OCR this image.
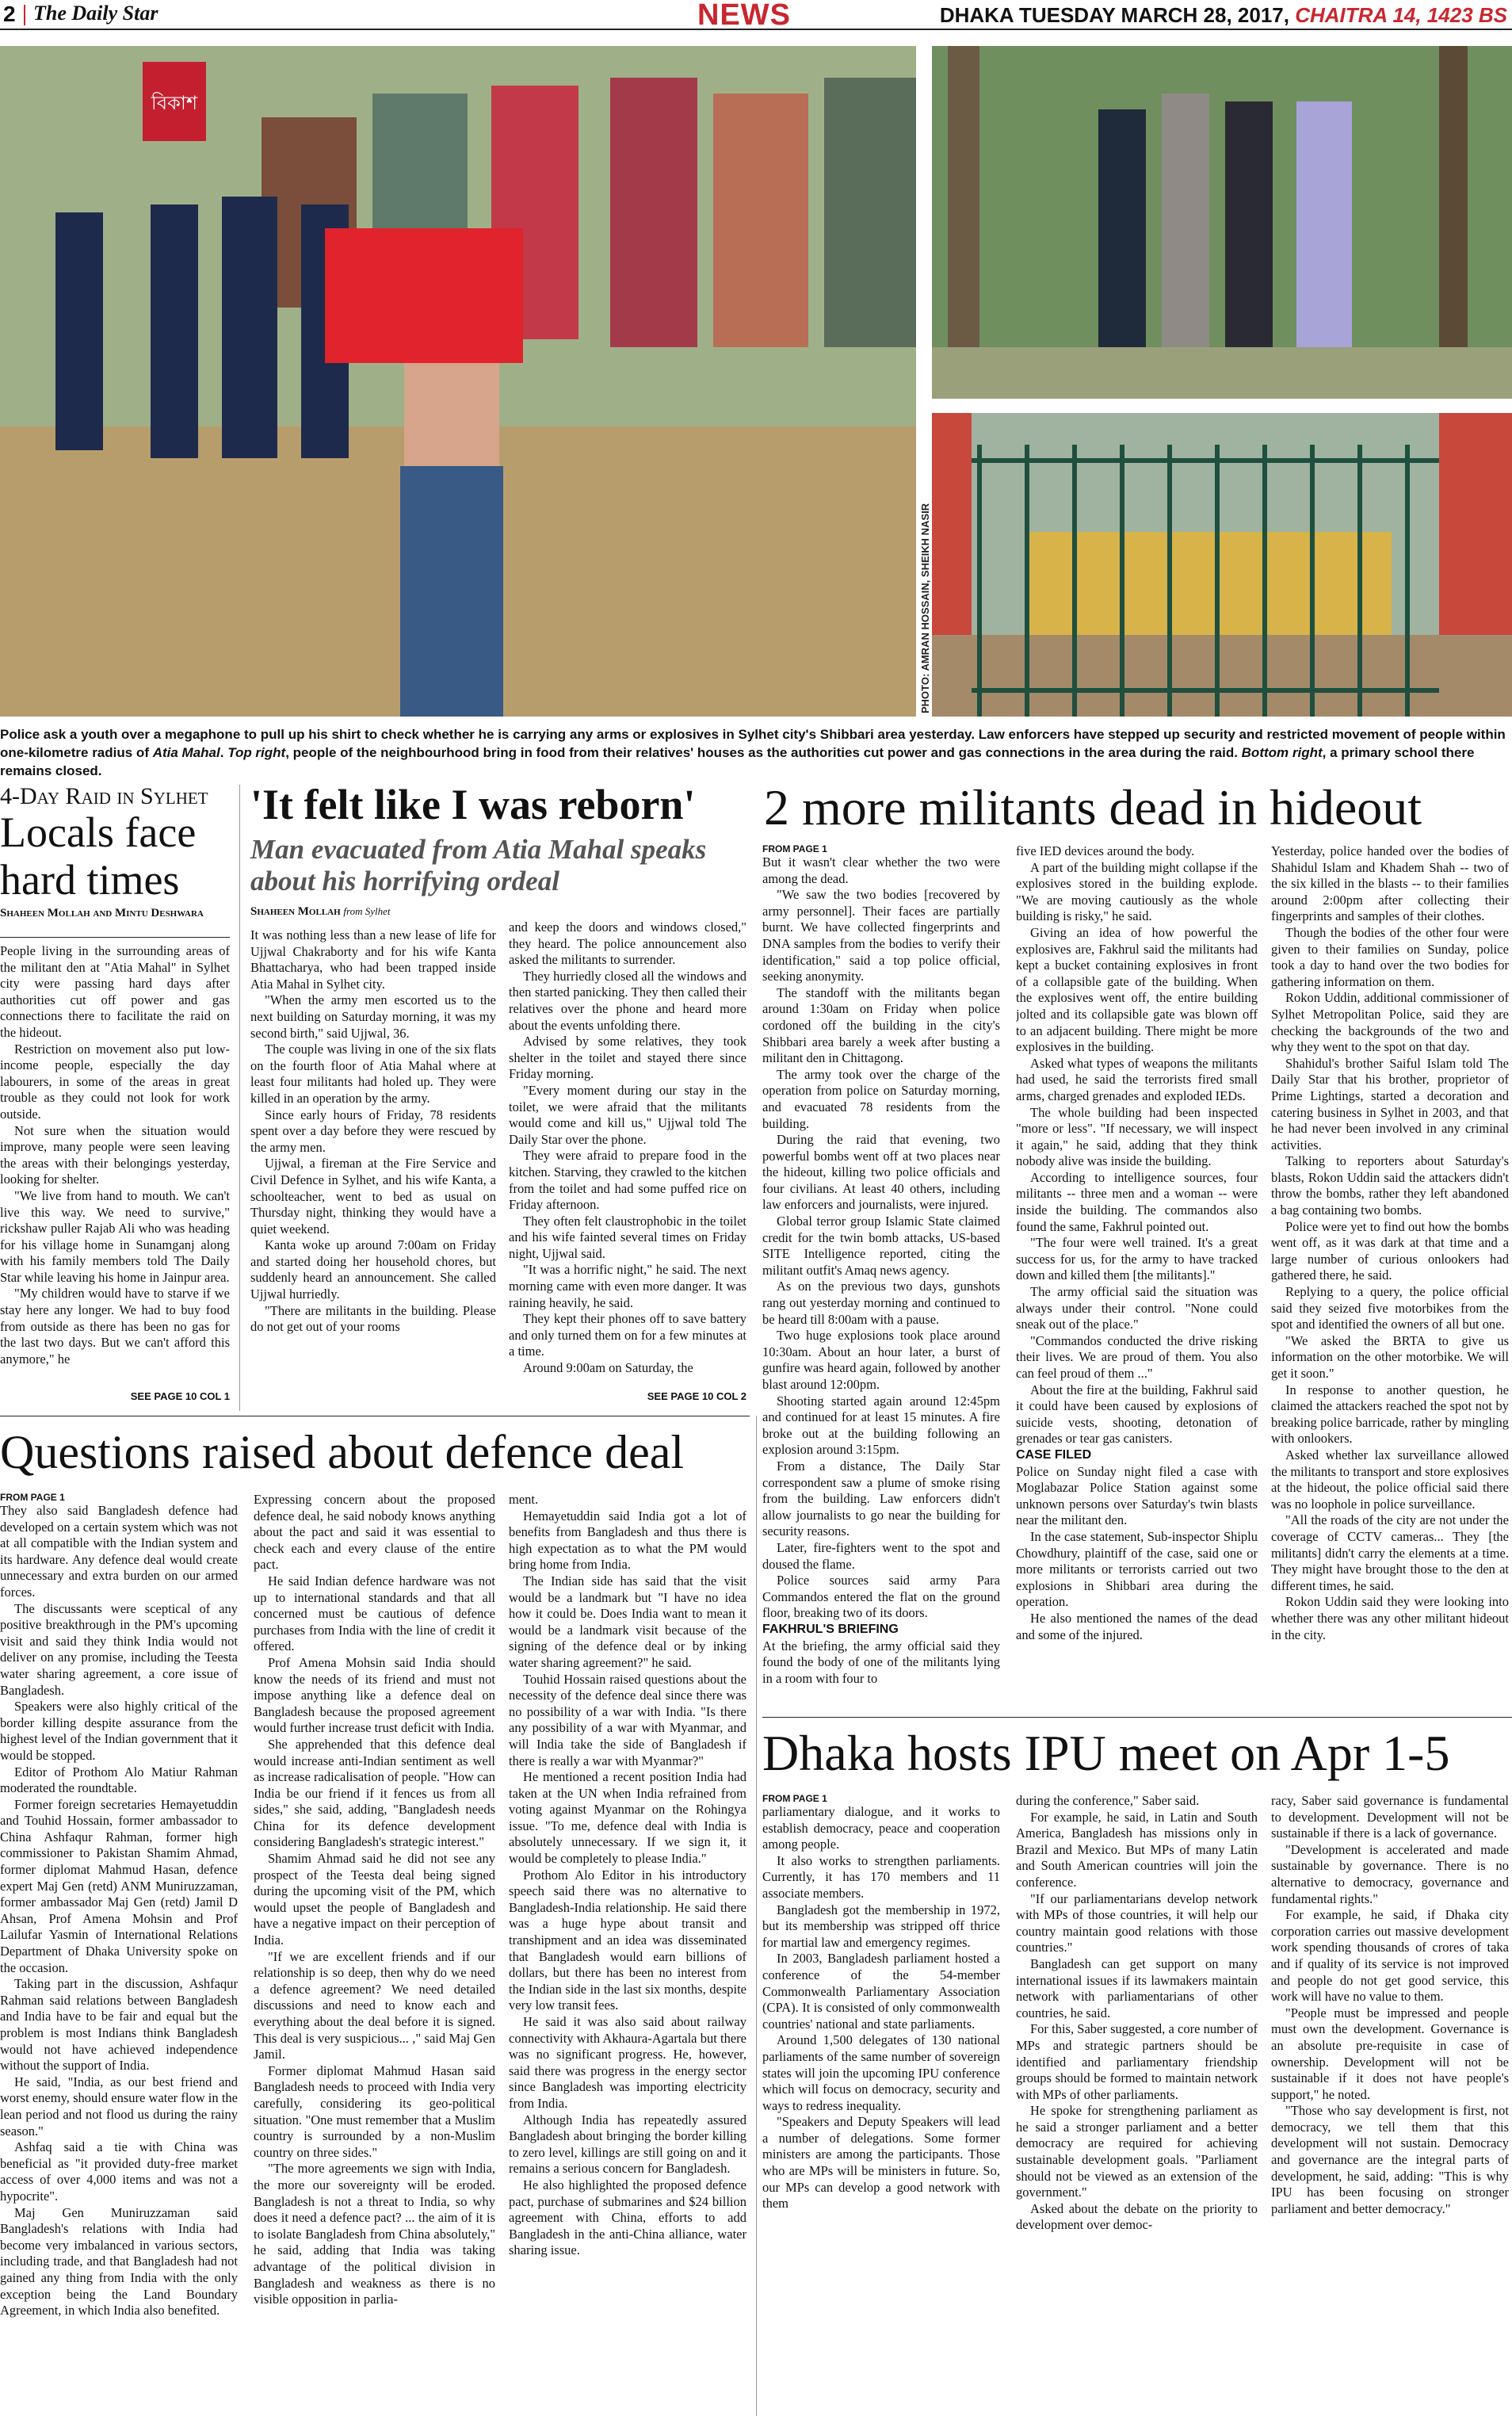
2 The Daily Star	NEWS	DHAKA TUESDAY MARCH 28, 2017, CHAITRA 14, 1423 BS
বিকাশ
PHOTO: AMRAN HOSSAIN, SHEIKH NASIR
Police ask a youth over a megaphone to pull up his shirt to check whether he is carrying any arms or explosives in Sylhet city's Shibbari area yesterday. Law enforcers have stepped up security and restricted movement of people within one-kilometre radius of Atia Mahal. Top right, people of the neighbourhood bring in food from their relatives' houses as the authorities cut power and gas connections in the area during the raid. Bottom right, a primary school there remains closed.
4-Day Raid in Sylhet
Locals face hard times
Shaheen Mollah and Mintu Deshwara

People living in the surrounding areas of the militant den at "Atia Mahal" in Sylhet city were passing hard days after authorities cut off power and gas connections there to facilitate the raid on the hideout.

Restriction on movement also put low-income people, especially the day labourers, in some of the areas in great trouble as they could not look for work outside.

Not sure when the situation would improve, many people were seen leaving the areas with their belongings yesterday, looking for shelter.

"We live from hand to mouth. We can't live this way. We need to survive," rickshaw puller Rajab Ali who was heading for his village home in Sunamganj along with his family members told The Daily Star while leaving his home in Jainpur area.

"My children would have to starve if we stay here any longer. We had to buy food from outside as there has been no gas for the last two days. But we can't afford this anymore," he

SEE PAGE 10 COL 1
'It felt like I was reborn'
Man evacuated from Atia Mahal speaks about his horrifying ordeal
Shaheen Mollah from Sylhet

It was nothing less than a new lease of life for Ujjwal Chakraborty and for his wife Kanta Bhattacharya, who had been trapped inside Atia Mahal in Sylhet city.

"When the army men escorted us to the next building on Saturday morning, it was my second birth," said Ujjwal, 36.

The couple was living in one of the six flats on the fourth floor of Atia Mahal where at least four militants had holed up. They were killed in an operation by the army.

Since early hours of Friday, 78 residents spent over a day before they were rescued by the army men.

Ujjwal, a fireman at the Fire Service and Civil Defence in Sylhet, and his wife Kanta, a schoolteacher, went to bed as usual on Thursday night, thinking they would have a quiet weekend.

Kanta woke up around 7:00am on Friday and started doing her household chores, but suddenly heard an announcement. She called Ujjwal hurriedly.

"There are militants in the building. Please do not get out of your rooms

and keep the doors and windows closed," they heard. The police announcement also asked the militants to surrender.

They hurriedly closed all the windows and then started panicking. They then called their relatives over the phone and heard more about the events unfolding there.

Advised by some relatives, they took shelter in the toilet and stayed there since Friday morning.

"Every moment during our stay in the toilet, we were afraid that the militants would come and kill us," Ujjwal told The Daily Star over the phone.

They were afraid to prepare food in the kitchen. Starving, they crawled to the kitchen from the toilet and had some puffed rice on Friday afternoon.

They often felt claustrophobic in the toilet and his wife fainted several times on Friday night, Ujjwal said.

"It was a horrific night," he said. The next morning came with even more danger. It was raining heavily, he said.

They kept their phones off to save battery and only turned them on for a few minutes at a time.

Around 9:00am on Saturday, the

SEE PAGE 10 COL 2
2 more militants dead in hideout
FROM PAGE 1

But it wasn't clear whether the two were among the dead.

"We saw the two bodies [recovered by army personnel]. Their faces are partially burnt. We have collected fingerprints and DNA samples from the bodies to verify their identification," said a top police official, seeking anonymity.

The standoff with the militants began around 1:30am on Friday when police cordoned off the building in the city's Shibbari area barely a week after busting a militant den in Chittagong.

The army took over the charge of the operation from police on Saturday morning, and evacuated 78 residents from the building.

During the raid that evening, two powerful bombs went off at two places near the hideout, killing two police officials and four civilians. At least 40 others, including law enforcers and journalists, were injured.

Global terror group Islamic State claimed credit for the twin bomb attacks, US-based SITE Intelligence reported, citing the militant outfit's Amaq news agency.

As on the previous two days, gunshots rang out yesterday morning and continued to be heard till 8:00am with a pause.

Two huge explosions took place around 10:30am. About an hour later, a burst of gunfire was heard again, followed by another blast around 12:00pm.

Shooting started again around 12:45pm and continued for at least 15 minutes. A fire broke out at the building following an explosion around 3:15pm.

From a distance, The Daily Star correspondent saw a plume of smoke rising from the building. Law enforcers didn't allow journalists to go near the building for security reasons.

Later, fire-fighters went to the spot and doused the flame.

Police sources said army Para Commandos entered the flat on the ground floor, breaking two of its doors.

FAKHRUL'S BRIEFING

At the briefing, the army official said they found the body of one of the militants lying in a room with four to

five IED devices around the body.

A part of the building might collapse if the explosives stored in the building explode. "We are moving cautiously as the whole building is risky," he said.

Giving an idea of how powerful the explosives are, Fakhrul said the militants had kept a bucket containing explosives in front of a collapsible gate of the building. When the explosives went off, the entire building jolted and its collapsible gate was blown off to an adjacent building. There might be more explosives in the building.

Asked what types of weapons the militants had used, he said the terrorists fired small arms, charged grenades and exploded IEDs.

The whole building had been inspected "more or less". "If necessary, we will inspect it again," he said, adding that they think nobody alive was inside the building.

According to intelligence sources, four militants -- three men and a woman -- were inside the building. The commandos also found the same, Fakhrul pointed out.

"The four were well trained. It's a great success for us, for the army to have tracked down and killed them [the militants]."

The army official said the situation was always under their control. "None could sneak out of the place."

"Commandos conducted the drive risking their lives. We are proud of them. You also can feel proud of them ..."

About the fire at the building, Fakhrul said it could have been caused by explosions of suicide vests, shooting, detonation of grenades or tear gas canisters.

CASE FILED

Police on Sunday night filed a case with Moglabazar Police Station against some unknown persons over Saturday's twin blasts near the militant den.

In the case statement, Sub-inspector Shiplu Chowdhury, plaintiff of the case, said one or more militants or terrorists carried out two explosions in Shibbari area during the operation.

He also mentioned the names of the dead and some of the injured.

Yesterday, police handed over the bodies of Shahidul Islam and Khadem Shah -- two of the six killed in the blasts -- to their families around 2:00pm after collecting their fingerprints and samples of their clothes.

Though the bodies of the other four were given to their families on Sunday, police took a day to hand over the two bodies for gathering information on them.

Rokon Uddin, additional commissioner of Sylhet Metropolitan Police, said they are checking the backgrounds of the two and why they went to the spot on that day.

Shahidul's brother Saiful Islam told The Daily Star that his brother, proprietor of Prime Lightings, started a decoration and catering business in Sylhet in 2003, and that he had never been involved in any criminal activities.

Talking to reporters about Saturday's blasts, Rokon Uddin said the attackers didn't throw the bombs, rather they left abandoned a bag containing two bombs.

Police were yet to find out how the bombs went off, as it was dark at that time and a large number of curious onlookers had gathered there, he said.

Replying to a query, the police official said they seized five motorbikes from the spot and identified the owners of all but one.

"We asked the BRTA to give us information on the other motorbike. We will get it soon."

In response to another question, he claimed the attackers reached the spot not by breaking police barricade, rather by mingling with onlookers.

Asked whether lax surveillance allowed the militants to transport and store explosives at the hideout, the police official said there was no loophole in police surveillance.

"All the roads of the city are not under the coverage of CCTV cameras... They [the militants] didn't carry the elements at a time. They might have brought those to the den at different times, he said.

Rokon Uddin said they were looking into whether there was any other militant hideout in the city.

Questions raised about defence deal
FROM PAGE 1

They also said Bangladesh defence had developed on a certain system which was not at all compatible with the Indian system and its hardware. Any defence deal would create unnecessary and extra burden on our armed forces.

The discussants were sceptical of any positive breakthrough in the PM's upcoming visit and said they think India would not deliver on any promise, including the Teesta water sharing agreement, a core issue of Bangladesh.

Speakers were also highly critical of the border killing despite assurance from the highest level of the Indian government that it would be stopped.

Editor of Prothom Alo Matiur Rahman moderated the roundtable.

Former foreign secretaries Hemayetuddin and Touhid Hossain, former ambassador to China Ashfaqur Rahman, former high commissioner to Pakistan Shamim Ahmad, former diplomat Mahmud Hasan, defence expert Maj Gen (retd) ANM Muniruzzaman, former ambassador Maj Gen (retd) Jamil D Ahsan, Prof Amena Mohsin and Prof Lailufar Yasmin of International Relations Department of Dhaka University spoke on the occasion.

Taking part in the discussion, Ashfaqur Rahman said relations between Bangladesh and India have to be fair and equal but the problem is most Indians think Bangladesh would not have achieved independence without the support of India.

He said, "India, as our best friend and worst enemy, should ensure water flow in the lean period and not flood us during the rainy season."

Ashfaq said a tie with China was beneficial as "it provided duty-free market access of over 4,000 items and was not a hypocrite".

Maj Gen Muniruzzaman said Bangladesh's relations with India had become very imbalanced in various sectors, including trade, and that Bangladesh had not gained any thing from India with the only exception being the Land Boundary Agreement, in which India also benefited.

Expressing concern about the proposed defence deal, he said nobody knows anything about the pact and said it was essential to check each and every clause of the entire pact.

He said Indian defence hardware was not up to international standards and that all concerned must be cautious of defence purchases from India with the line of credit it offered.

Prof Amena Mohsin said India should know the needs of its friend and must not impose anything like a defence deal on Bangladesh because the proposed agreement would further increase trust deficit with India.

She apprehended that this defence deal would increase anti-Indian sentiment as well as increase radicalisation of people. "How can India be our friend if it fences us from all sides," she said, adding, "Bangladesh needs China for its defence development considering Bangladesh's strategic interest."

Shamim Ahmad said he did not see any prospect of the Teesta deal being signed during the upcoming visit of the PM, which would upset the people of Bangladesh and have a negative impact on their perception of India.

"If we are excellent friends and if our relationship is so deep, then why do we need a defence agreement? We need detailed discussions and need to know each and everything about the deal before it is signed. This deal is very suspicious... ," said Maj Gen Jamil.

Former diplomat Mahmud Hasan said Bangladesh needs to proceed with India very carefully, considering its geo-political situation. "One must remember that a Muslim country is surrounded by a non-Muslim country on three sides."

"The more agreements we sign with India, the more our sovereignty will be eroded. Bangladesh is not a threat to India, so why does it need a defence pact? ... the aim of it is to isolate Bangladesh from China absolutely," he said, adding that India was taking advantage of the political division in Bangladesh and weakness as there is no visible opposition in parlia-

ment.

Hemayetuddin said India got a lot of benefits from Bangladesh and thus there is high expectation as to what the PM would bring home from India.

The Indian side has said that the visit would be a landmark but "I have no idea how it could be. Does India want to mean it would be a landmark visit because of the signing of the defence deal or by inking water sharing agreement?" he said.

Touhid Hossain raised questions about the necessity of the defence deal since there was no possibility of a war with India. "Is there any possibility of a war with Myanmar, and will India take the side of Bangladesh if there is really a war with Myanmar?"

He mentioned a recent position India had taken at the UN when India refrained from voting against Myanmar on the Rohingya issue. "To me, defence deal with India is absolutely unnecessary. If we sign it, it would be completely to please India."

Prothom Alo Editor in his introductory speech said there was no alternative to Bangladesh-India relationship. He said there was a huge hype about transit and transhipment and an idea was disseminated that Bangladesh would earn billions of dollars, but there has been no interest from the Indian side in the last six months, despite very low transit fees.

He said it was also said about railway connectivity with Akhaura-Agartala but there was no significant progress. He, however, said there was progress in the energy sector since Bangladesh was importing electricity from India.

Although India has repeatedly assured Bangladesh about bringing the border killing to zero level, killings are still going on and it remains a serious concern for Bangladesh.

He also highlighted the proposed defence pact, purchase of submarines and $24 billion agreement with China, efforts to add Bangladesh in the anti-China alliance, water sharing issue.

Dhaka hosts IPU meet on Apr 1-5
FROM PAGE 1

parliamentary dialogue, and it works to establish democracy, peace and cooperation among people.

It also works to strengthen parliaments. Currently, it has 170 members and 11 associate members.

Bangladesh got the membership in 1972, but its membership was stripped off thrice for martial law and emergency regimes.

In 2003, Bangladesh parliament hosted a conference of the 54-member Commonwealth Parliamentary Association (CPA). It is consisted of only commonwealth countries' national and state parliaments.

Around 1,500 delegates of 130 national parliaments of the same number of sovereign states will join the upcoming IPU conference which will focus on democracy, security and ways to redress inequality.

"Speakers and Deputy Speakers will lead a number of delegations. Some former ministers are among the participants. Those who are MPs will be ministers in future. So, our MPs can develop a good network with them

during the conference," Saber said.

For example, he said, in Latin and South America, Bangladesh has missions only in Brazil and Mexico. But MPs of many Latin and South American countries will join the conference.

"If our parliamentarians develop network with MPs of those countries, it will help our country maintain good relations with those countries."

Bangladesh can get support on many international issues if its lawmakers maintain network with parliamentarians of other countries, he said.

For this, Saber suggested, a core number of MPs and strategic partners should be identified and parliamentary friendship groups should be formed to maintain network with MPs of other parliaments.

He spoke for strengthening parliament as he said a stronger parliament and a better democracy are required for achieving sustainable development goals. "Parliament should not be viewed as an extension of the government."

Asked about the debate on the priority to development over democ-

racy, Saber said governance is fundamental to development. Development will not be sustainable if there is a lack of governance.

"Development is accelerated and made sustainable by governance. There is no alternative to democracy, governance and fundamental rights."

For example, he said, if Dhaka city corporation carries out massive development work spending thousands of crores of taka and if quality of its service is not improved and people do not get good service, this work will have no value to them.

"People must be impressed and people must own the development. Governance is an absolute pre-requisite in case of ownership. Development will not be sustainable if it does not have people's support," he noted.

"Those who say development is first, not democracy, we tell them that this development will not sustain. Democracy and governance are the integral parts of development, he said, adding: "This is why IPU has been focusing on stronger parliament and better democracy."
